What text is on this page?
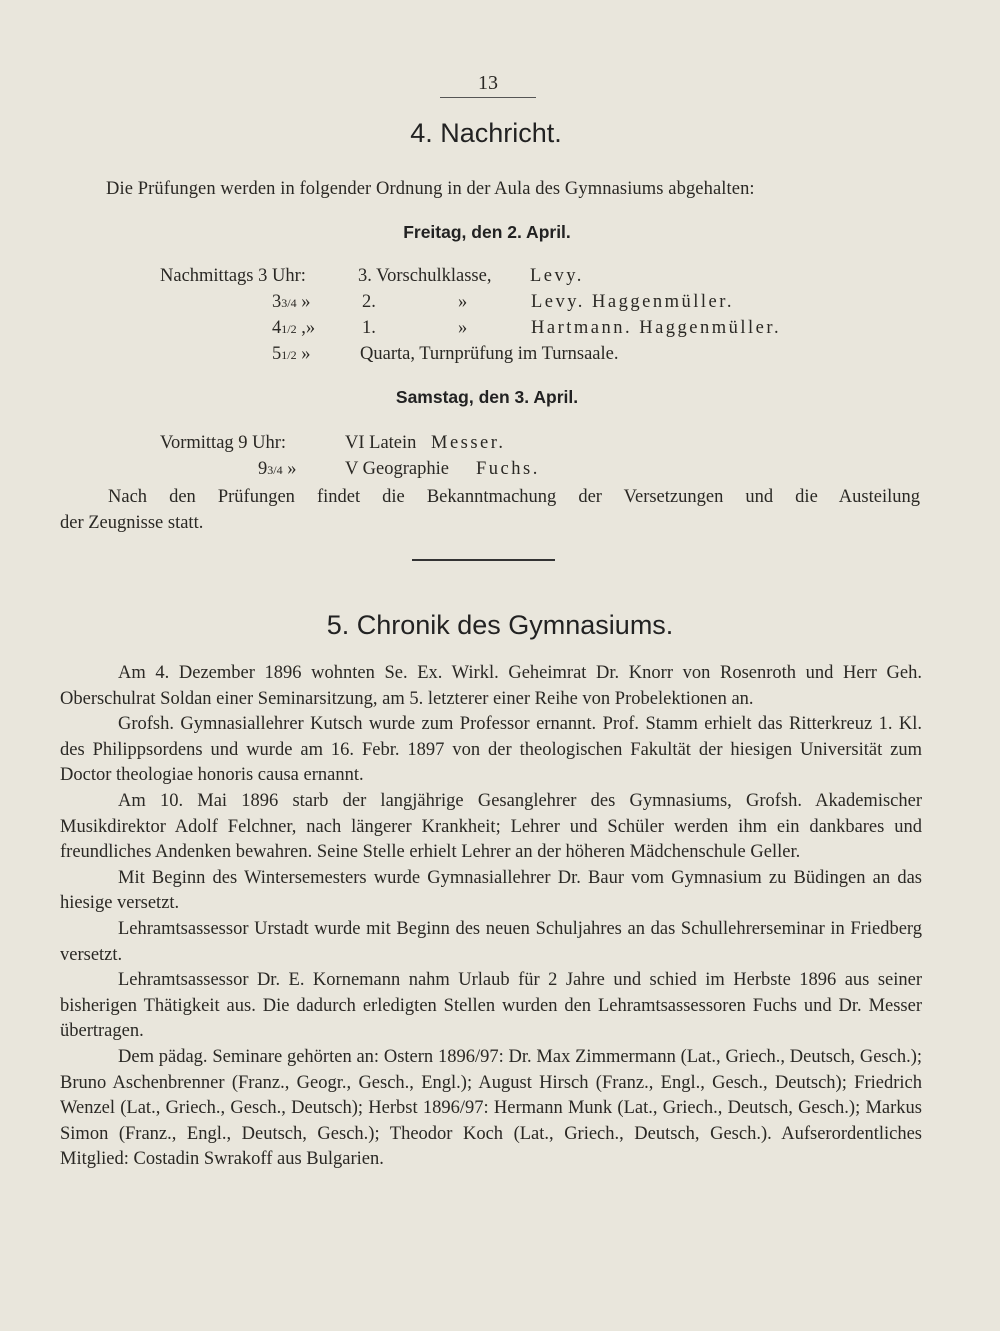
13
4. Nachricht.
Die Prüfungen werden in folgender Ordnung in der Aula des Gymnasiums abgehalten:
Freitag, den 2. April.
Nachmittags 3 Uhr:	3. Vorschulklasse, Levy.
33/4 »	2.	»	Levy. Haggenmüller.
41/2 ,»	1.	»	Hartmann. Haggenmüller.
51/2 »	Quarta, Turnprüfung im Turnsaale.
Samstag, den 3. April.
Vormittag 9 Uhr:	VI Latein Messer.
93/4 »	V Geographie Fuchs.
Nach den Prüfungen findet die Bekanntmachung der Versetzungen und die Austeilung
der Zeugnisse statt.
5. Chronik des Gymnasiums.

Am 4. Dezember 1896 wohnten Se. Ex. Wirkl. Geheimrat Dr. Knorr von Rosenroth und Herr Geh. Oberschulrat Soldan einer Seminarsitzung, am 5. letzterer einer Reihe von Probelektionen an.

Grofsh. Gymnasiallehrer Kutsch wurde zum Professor ernannt. Prof. Stamm erhielt das Ritterkreuz 1. Kl. des Philippsordens und wurde am 16. Febr. 1897 von der theologischen Fakultät der hiesigen Universität zum Doctor theologiae honoris causa ernannt.

Am 10. Mai 1896 starb der langjährige Gesanglehrer des Gymnasiums, Grofsh. Akademischer Musikdirektor Adolf Felchner, nach längerer Krankheit; Lehrer und Schüler werden ihm ein dankbares und freundliches Andenken bewahren. Seine Stelle erhielt Lehrer an der höheren Mädchenschule Geller.

Mit Beginn des Wintersemesters wurde Gymnasiallehrer Dr. Baur vom Gymnasium zu Büdingen an das hiesige versetzt.

Lehramtsassessor Urstadt wurde mit Beginn des neuen Schuljahres an das Schullehrerseminar in Friedberg versetzt.

Lehramtsassessor Dr. E. Kornemann nahm Urlaub für 2 Jahre und schied im Herbste 1896 aus seiner bisherigen Thätigkeit aus. Die dadurch erledigten Stellen wurden den Lehramtsassessoren Fuchs und Dr. Messer übertragen.

Dem pädag. Seminare gehörten an: Ostern 1896/97: Dr. Max Zimmermann (Lat., Griech., Deutsch, Gesch.); Bruno Aschenbrenner (Franz., Geogr., Gesch., Engl.); August Hirsch (Franz., Engl., Gesch., Deutsch); Friedrich Wenzel (Lat., Griech., Gesch., Deutsch); Herbst 1896/97: Hermann Munk (Lat., Griech., Deutsch, Gesch.); Markus Simon (Franz., Engl., Deutsch, Gesch.); Theodor Koch (Lat., Griech., Deutsch, Gesch.). Aufserordentliches Mitglied: Costadin Swrakoff aus Bulgarien.
